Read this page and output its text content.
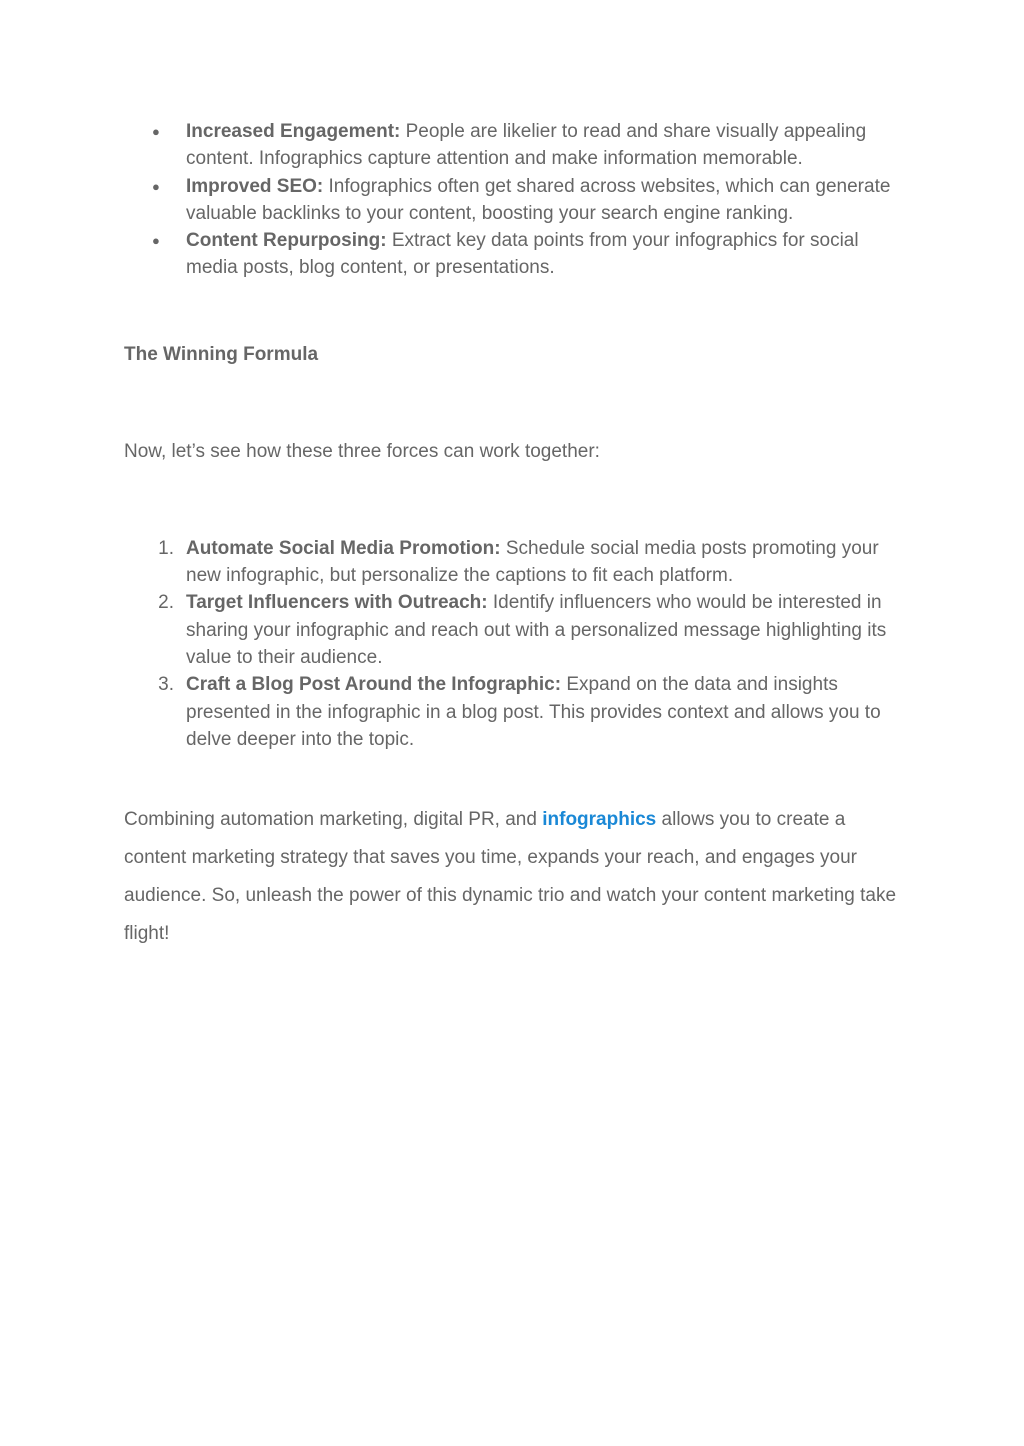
● Increased Engagement: People are likelier to read and share visually appealing content. Infographics capture attention and make information memorable.
● Improved SEO: Infographics often get shared across websites, which can generate valuable backlinks to your content, boosting your search engine ranking.
● Content Repurposing: Extract key data points from your infographics for social media posts, blog content, or presentations.
The Winning Formula

Now, let’s see how these three forces can work together:

1. Automate Social Media Promotion: Schedule social media posts promoting your new infographic, but personalize the captions to fit each platform.
2. Target Influencers with Outreach: Identify influencers who would be interested in sharing your infographic and reach out with a personalized message highlighting its value to their audience.
3. Craft a Blog Post Around the Infographic: Expand on the data and insights presented in the infographic in a blog post. This provides context and allows you to delve deeper into the topic.

Combining automation marketing, digital PR, and infographics allows you to create a content marketing strategy that saves you time, expands your reach, and engages your audience. So, unleash the power of this dynamic trio and watch your content marketing take flight!
